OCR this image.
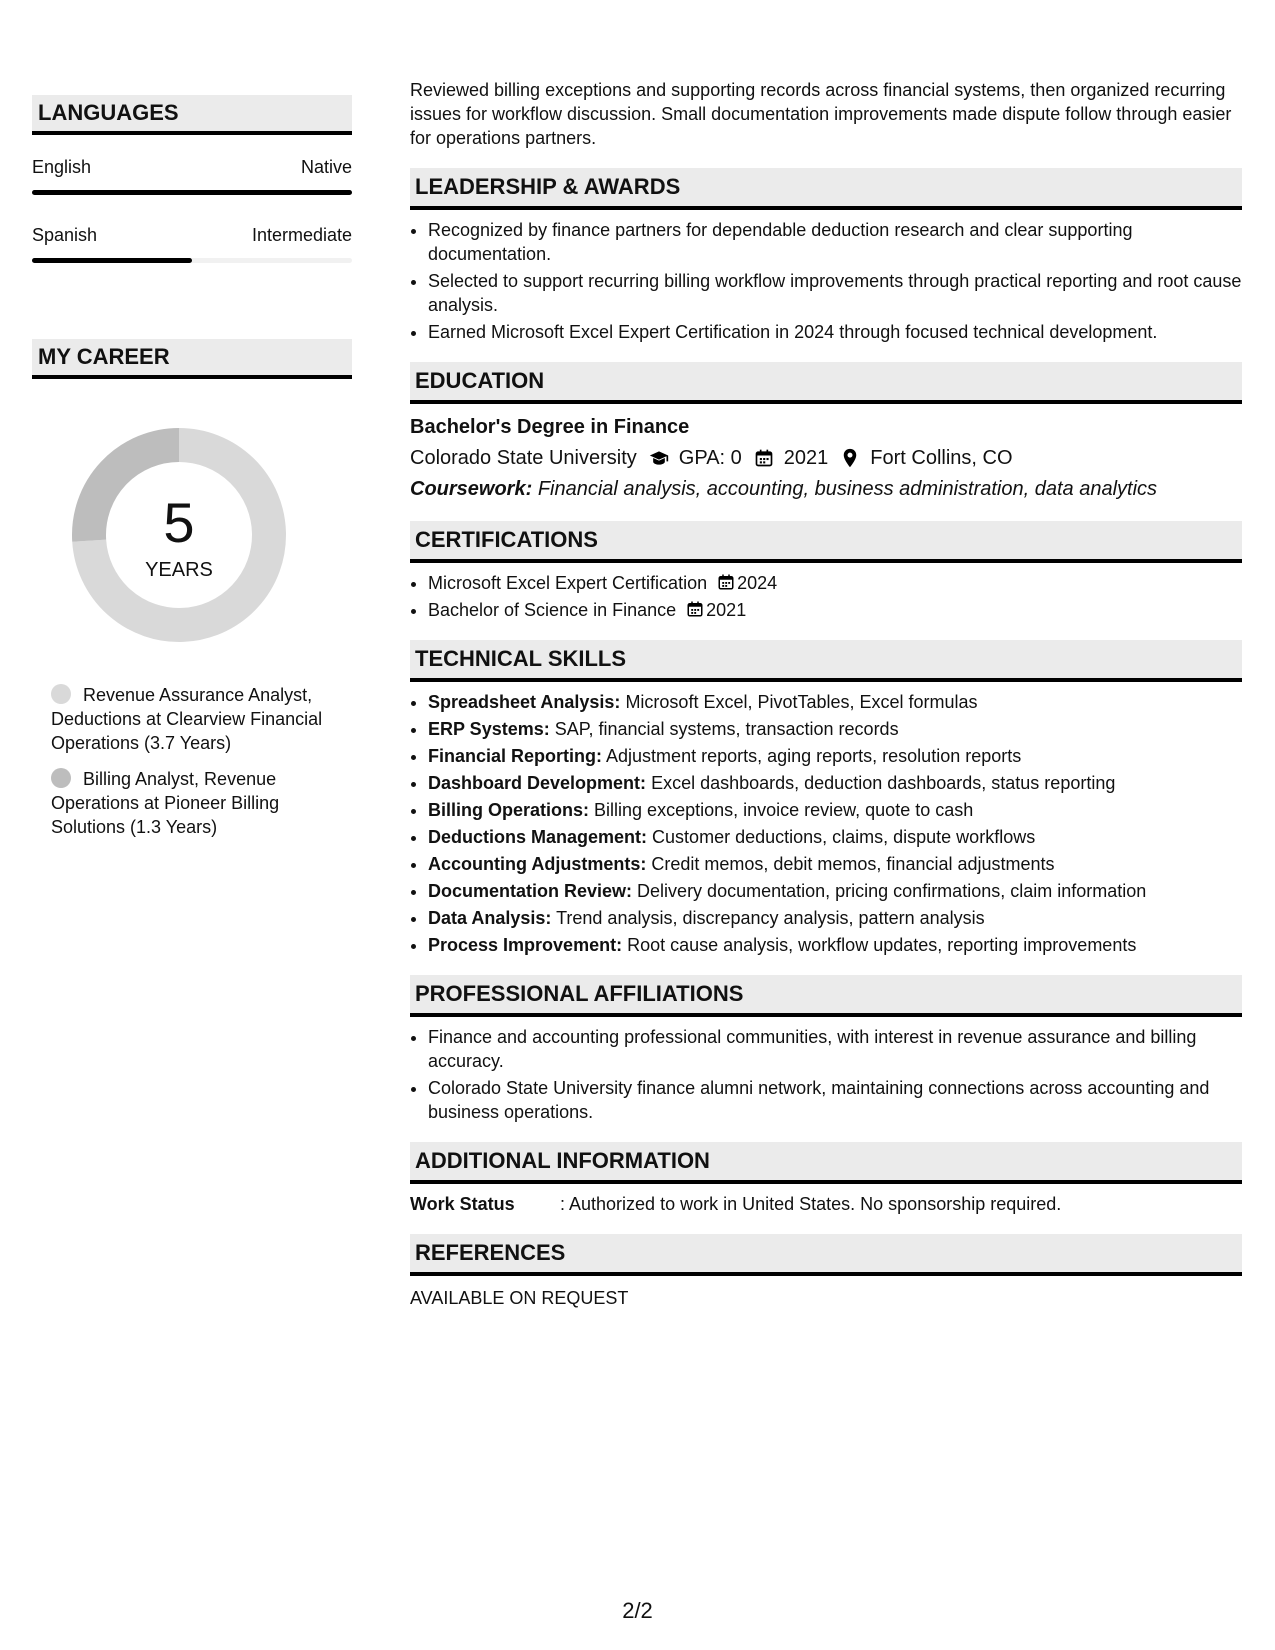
LANGUAGES
English	Native
Spanish	Intermediate
MY CAREER
5
YEARS
Revenue Assurance Analyst, Deductions at Clearview Financial Operations (3.7 Years)
Billing Analyst, Revenue Operations at Pioneer Billing Solutions (1.3 Years)

Reviewed billing exceptions and supporting records across financial systems, then organized recurring issues for workflow discussion. Small documentation improvements made dispute follow through easier for operations partners.

LEADERSHIP & AWARDS
• Recognized by finance partners for dependable deduction research and clear supporting documentation.
• Selected to support recurring billing workflow improvements through practical reporting and root cause analysis.
• Earned Microsoft Excel Expert Certification in 2024 through focused technical development.
EDUCATION
Bachelor's Degree in Finance
Colorado State University GPA: 0 2021 Fort Collins, CO
Coursework: Financial analysis, accounting, business administration, data analytics
CERTIFICATIONS
• Microsoft Excel Expert Certification 2024
• Bachelor of Science in Finance 2021
TECHNICAL SKILLS
• Spreadsheet Analysis: Microsoft Excel, PivotTables, Excel formulas
• ERP Systems: SAP, financial systems, transaction records
• Financial Reporting: Adjustment reports, aging reports, resolution reports
• Dashboard Development: Excel dashboards, deduction dashboards, status reporting
• Billing Operations: Billing exceptions, invoice review, quote to cash
• Deductions Management: Customer deductions, claims, dispute workflows
• Accounting Adjustments: Credit memos, debit memos, financial adjustments
• Documentation Review: Delivery documentation, pricing confirmations, claim information
• Data Analysis: Trend analysis, discrepancy analysis, pattern analysis
• Process Improvement: Root cause analysis, workflow updates, reporting improvements
PROFESSIONAL AFFILIATIONS
• Finance and accounting professional communities, with interest in revenue assurance and billing accuracy.
• Colorado State University finance alumni network, maintaining connections across accounting and business operations.
ADDITIONAL INFORMATION
Work Status	: Authorized to work in United States. No sponsorship required.
REFERENCES
AVAILABLE ON REQUEST
2/2
